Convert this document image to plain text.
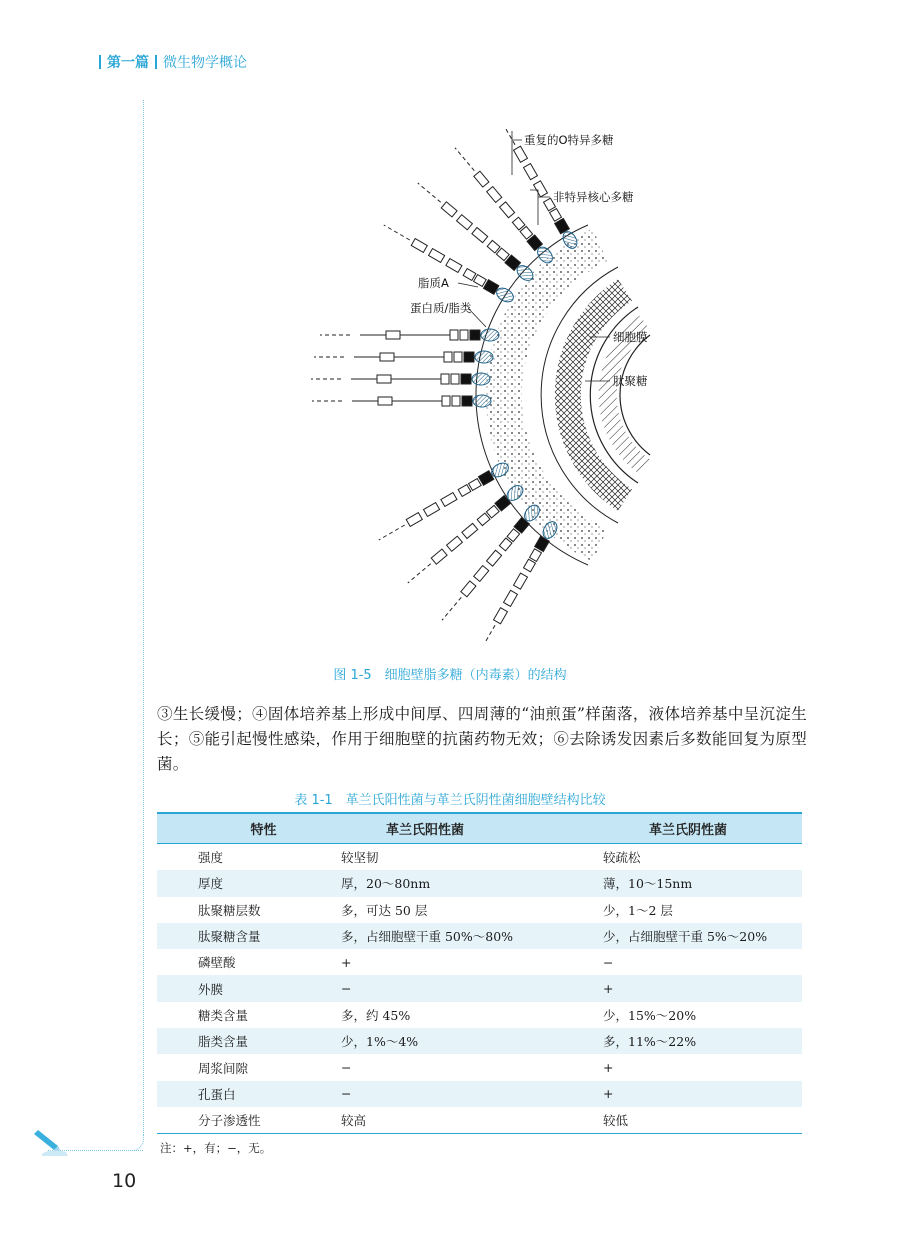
第一篇 微生物学概论
10
重复的O特异多糖
非特异核心多糖
脂质A
蛋白质/脂类
细胞膜
肽聚糖
图 1-5　细胞壁脂多糖（内毒素）的结构
③生长缓慢；④固体培养基上形成中间厚、四周薄的“油煎蛋”样菌落，液体培养基中呈沉淀生长；⑤能引起慢性感染，作用于细胞壁的抗菌药物无效；⑥去除诱发因素后多数能回复为原型菌。
表 1-1　革兰氏阳性菌与革兰氏阴性菌细胞壁结构比较
特性	革兰氏阳性菌	革兰氏阴性菌
强度	较坚韧	较疏松
厚度	厚，20～80nm	薄，10～15nm
肽聚糖层数	多，可达 50 层	少，1～2 层
肽聚糖含量	多，占细胞壁干重 50%～80%	少，占细胞壁干重 5%～20%
磷壁酸	+	−
外膜	−	+
糖类含量	多，约 45%	少，15%～20%
脂类含量	少，1%～4%	多，11%～22%
周浆间隙	−	+
孔蛋白	−	+
分子渗透性	较高	较低
注：+，有；−，无。
